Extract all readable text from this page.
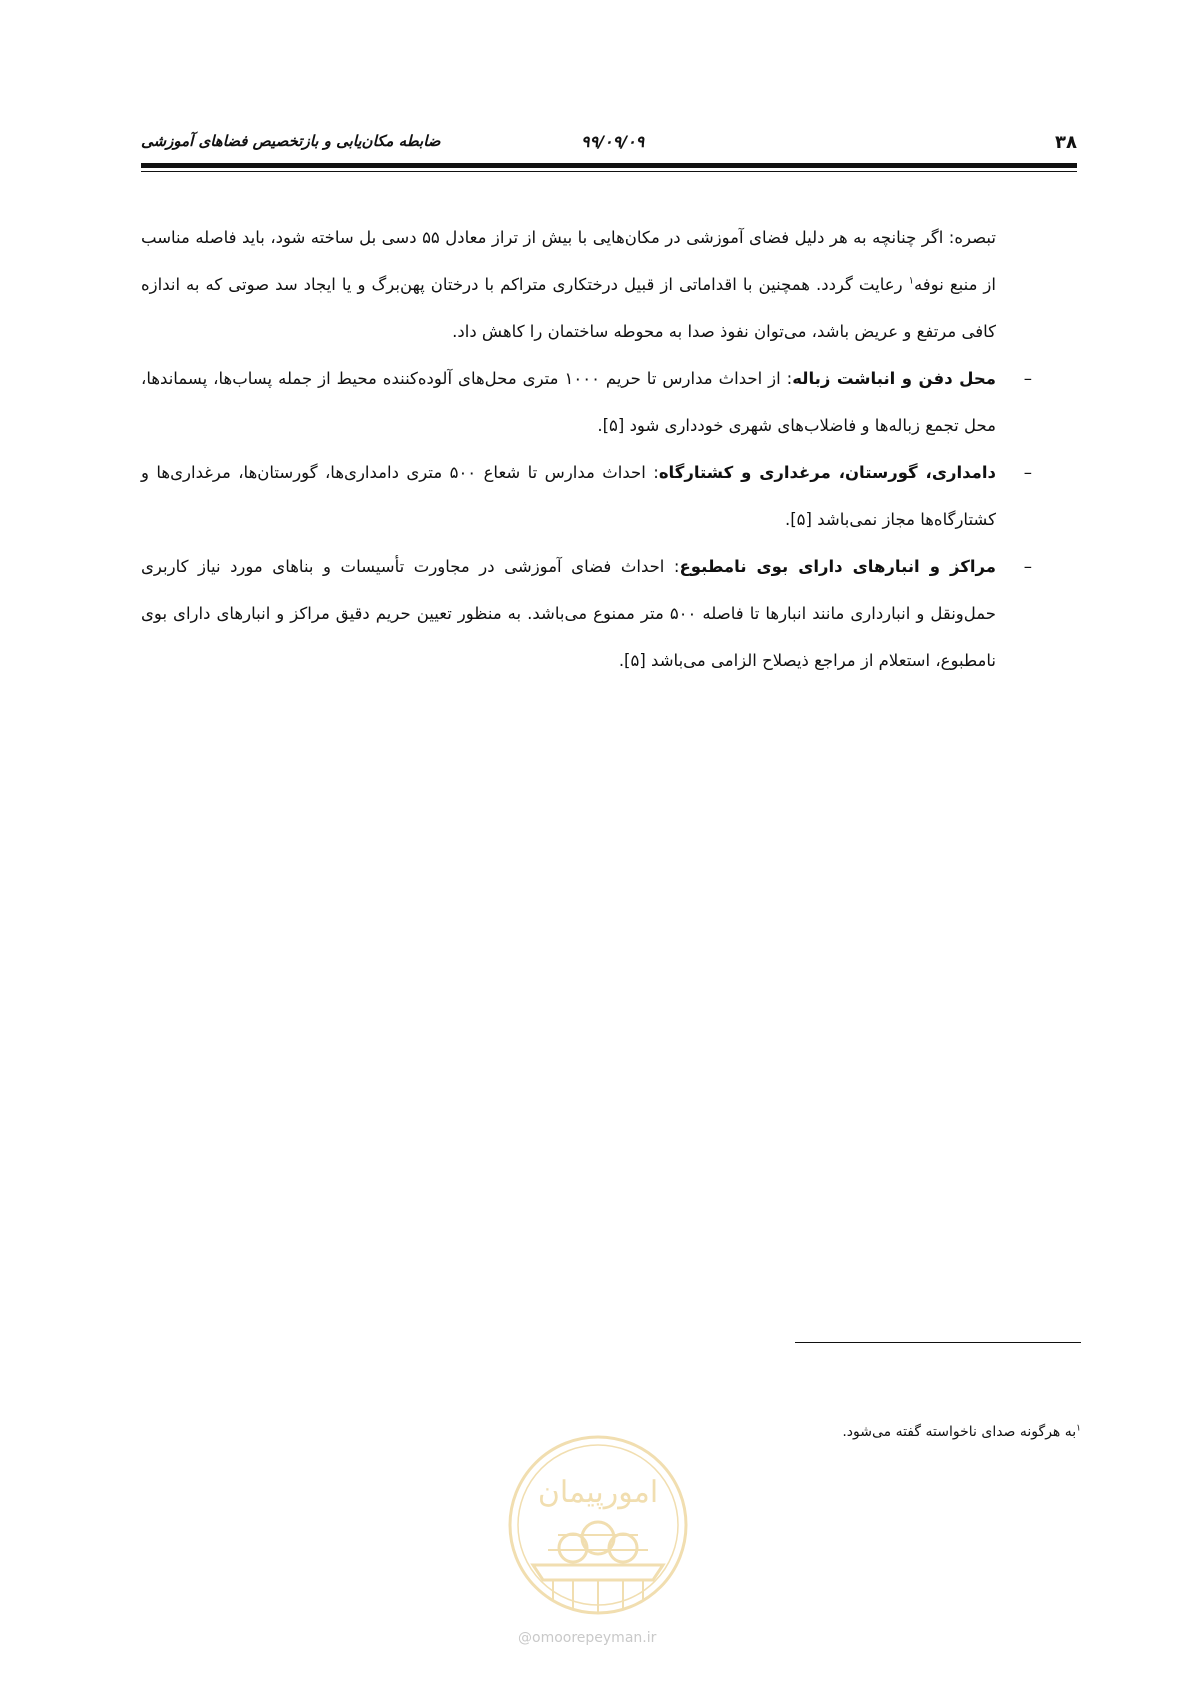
۳۸
۹۹/۰۹/۰۹
ضابطه مکان‌یابی و بازتخصیص فضاهای آموزشی

تبصره: اگر چنانچه به هر دلیل فضای آموزشی در مکان‌هایی با بیش از تراز معادل ۵۵ دسی بل ساخته شود، باید فاصله مناسب از منبع نوفه$^۱$ رعایت گردد. همچنین با اقداماتی از قبیل درختکاری متراکم با درختان پهن‌برگ و یا ایجاد سد صوتی که به اندازه کافی مرتفع و عریض باشد، می‌توان نفوذ صدا به محوطه ساختمان را کاهش داد.

–
محل دفن و انباشت زباله: از احداث مدارس تا حریم ۱۰۰۰ متری محل‌های آلوده‌کننده محیط از جمله پساب‌ها، پسماندها، محل تجمع زباله‌ها و فاضلاب‌های شهری خودداری شود [۵].
–
دامداری، گورستان، مرغداری و کشتارگاه: احداث مدارس تا شعاع ۵۰۰ متری دامداری‌ها، گورستان‌ها، مرغداری‌ها و کشتارگاه‌ها مجاز نمی‌باشد [۵].
–
مراکز و انبارهای دارای بوی نامطبوع: احداث فضای آموزشی در مجاورت تأسیسات و بناهای مورد نیاز کاربری حمل‌ونقل و انبارداری مانند انبارها تا فاصله ۵۰۰ متر ممنوع می‌باشد. به منظور تعیین حریم دقیق مراکز و انبارهای دارای بوی نامطبوع، استعلام از مراجع ذیصلاح الزامی می‌باشد [۵].
$^۱$به هرگونه صدای ناخواسته گفته می‌شود.
امورپیمان
@omoorepeyman.ir
